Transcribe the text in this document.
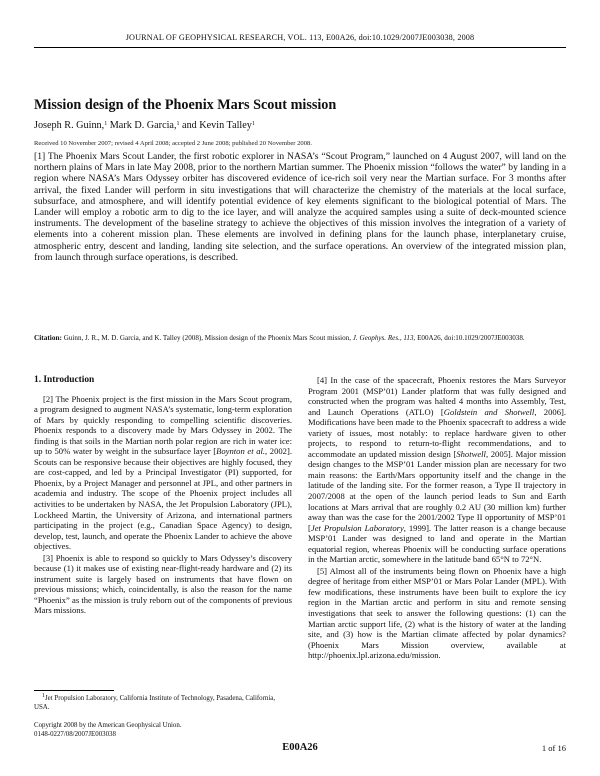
JOURNAL OF GEOPHYSICAL RESEARCH, VOL. 113, E00A26, doi:10.1029/2007JE003038, 2008
Mission design of the Phoenix Mars Scout mission
Joseph R. Guinn,$^1$ Mark D. Garcia,$^1$ and Kevin Talley$^1$
Received 10 November 2007; revised 4 April 2008; accepted 2 June 2008; published 20 November 2008.
[1] The Phoenix Mars Scout Lander, the first robotic explorer in NASA’s “Scout Program,” launched on 4 August 2007, will land on the northern plains of Mars in late May 2008, prior to the northern Martian summer. The Phoenix mission “follows the water” by landing in a region where NASA’s Mars Odyssey orbiter has discovered evidence of ice-rich soil very near the Martian surface. For 3 months after arrival, the fixed Lander will perform in situ investigations that will characterize the chemistry of the materials at the local surface, subsurface, and atmosphere, and will identify potential evidence of key elements significant to the biological potential of Mars. The Lander will employ a robotic arm to dig to the ice layer, and will analyze the acquired samples using a suite of deck-mounted science instruments. The development of the baseline strategy to achieve the objectives of this mission involves the integration of a variety of elements into a coherent mission plan. These elements are involved in defining plans for the launch phase, interplanetary cruise, atmospheric entry, descent and landing, landing site selection, and the surface operations. An overview of the integrated mission plan, from launch through surface operations, is described.
Citation: Guinn, J. R., M. D. Garcia, and K. Talley (2008), Mission design of the Phoenix Mars Scout mission, J. Geophys. Res., 113, E00A26, doi:10.1029/2007JE003038.
1. Introduction

[2] The Phoenix project is the first mission in the Mars Scout program, a program designed to augment NASA’s systematic, long-term exploration of Mars by quickly responding to compelling scientific discoveries. Phoenix responds to a discovery made by Mars Odyssey in 2002. The finding is that soils in the Martian north polar region are rich in water ice: up to 50% water by weight in the subsurface layer [Boynton et al., 2002]. Scouts can be responsive because their objectives are highly focused, they are cost-capped, and led by a Principal Investigator (PI) supported, for Phoenix, by a Project Manager and personnel at JPL, and other partners in academia and industry. The scope of the Phoenix project includes all activities to be undertaken by NASA, the Jet Propulsion Laboratory (JPL), Lockheed Martin, the University of Arizona, and international partners participating in the project (e.g., Canadian Space Agency) to design, develop, test, launch, and operate the Phoenix Lander to achieve the above objectives.

[3] Phoenix is able to respond so quickly to Mars Odyssey’s discovery because (1) it makes use of existing near-flight-ready hardware and (2) its instrument suite is largely based on instruments that have flown on previous missions; which, coincidentally, is also the reason for the name “Phoenix” as the mission is truly reborn out of the components of previous Mars missions.

[4] In the case of the spacecraft, Phoenix restores the Mars Surveyor Program 2001 (MSP’01) Lander platform that was fully designed and constructed when the program was halted 4 months into Assembly, Test, and Launch Operations (ATLO) [Goldstein and Shotwell, 2006]. Modifications have been made to the Phoenix spacecraft to address a wide variety of issues, most notably: to replace hardware given to other projects, to respond to return-to-flight recommendations, and to accommodate an updated mission design [Shotwell, 2005]. Major mission design changes to the MSP’01 Lander mission plan are necessary for two main reasons: the Earth/Mars opportunity itself and the change in the latitude of the landing site. For the former reason, a Type II trajectory in 2007/2008 at the open of the launch period leads to Sun and Earth locations at Mars arrival that are roughly 0.2 AU (30 million km) further away than was the case for the 2001/2002 Type II opportunity of MSP’01 [Jet Propulsion Laboratory, 1999]. The latter reason is a change because MSP’01 Lander was designed to land and operate in the Martian equatorial region, whereas Phoenix will be conducting surface operations in the Martian arctic, somewhere in the latitude band 65°N to 72°N.

[5] Almost all of the instruments being flown on Phoenix have a high degree of heritage from either MSP’01 or Mars Polar Lander (MPL). With few modifications, these instruments have been built to explore the icy region in the Martian arctic and perform in situ and remote sensing investigations that seek to answer the following questions: (1) can the Martian arctic support life, (2) what is the history of water at the landing site, and (3) how is the Martian climate affected by polar dynamics? (Phoenix Mars Mission overview, available at http://phoenix.lpl.arizona.edu/mission.

$^1$Jet Propulsion Laboratory, California Institute of Technology, Pasadena, California, USA.
Copyright 2008 by the American Geophysical Union.
0148-0227/08/2007JE003038
E00A26	1 of 16
